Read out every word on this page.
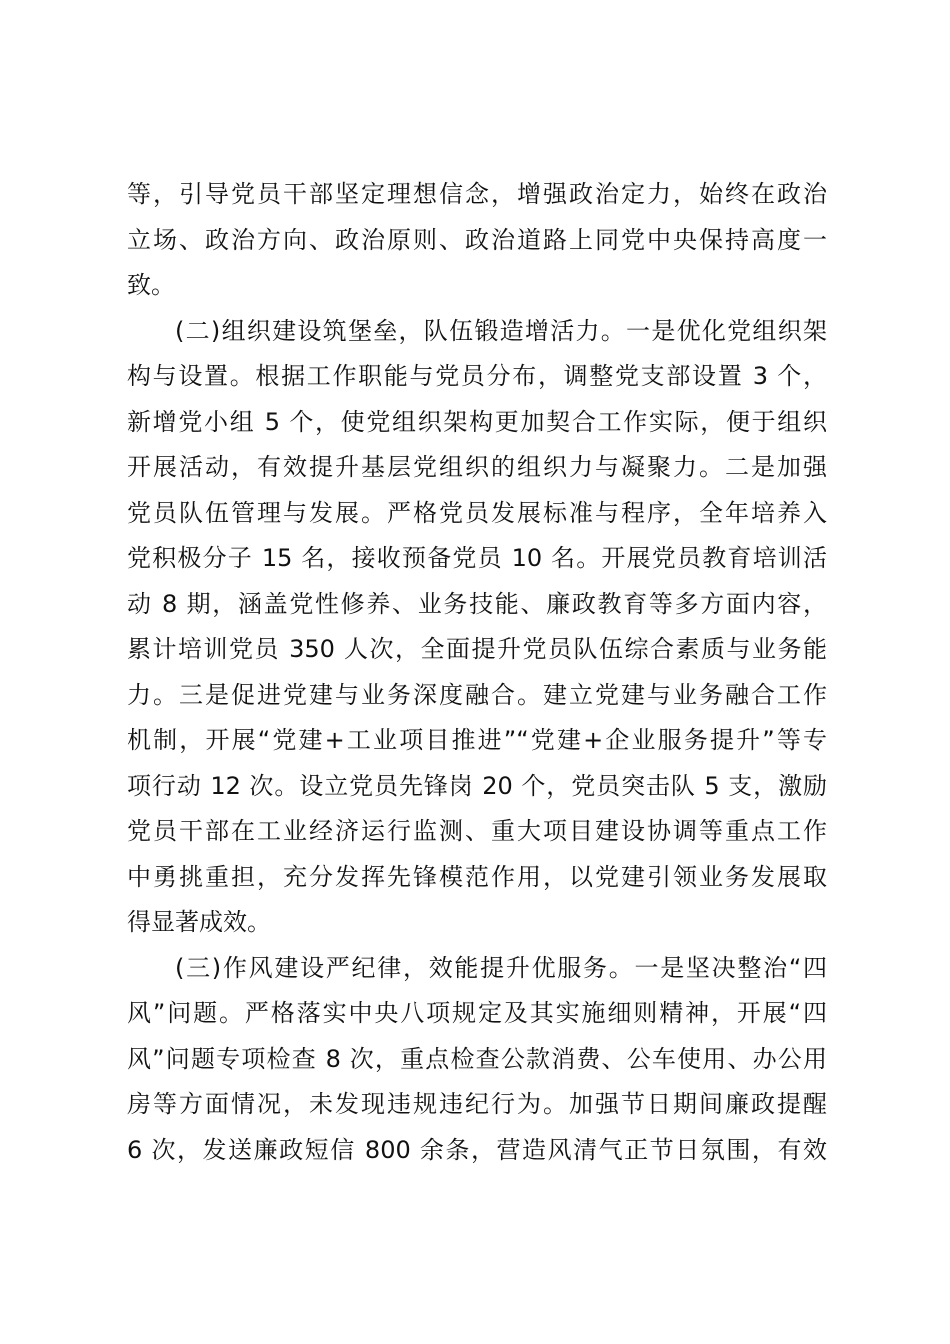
等，引导党员干部坚定理想信念，增强政治定力，始终在政治
立场、政治方向、政治原则、政治道路上同党中央保持高度一
致。
(二)组织建设筑堡垒，队伍锻造增活力。一是优化党组织架
构与设置。根据工作职能与党员分布，调整党支部设置 3 个，
新增党小组 5 个，使党组织架构更加契合工作实际，便于组织
开展活动，有效提升基层党组织的组织力与凝聚力。二是加强
党员队伍管理与发展。严格党员发展标准与程序，全年培养入
党积极分子 15 名，接收预备党员 10 名。开展党员教育培训活
动 8 期，涵盖党性修养、业务技能、廉政教育等多方面内容，
累计培训党员 350 人次，全面提升党员队伍综合素质与业务能
力。三是促进党建与业务深度融合。建立党建与业务融合工作
机制，开展“党建+工业项目推进”“党建+企业服务提升”等专
项行动 12 次。设立党员先锋岗 20 个，党员突击队 5 支，激励
党员干部在工业经济运行监测、重大项目建设协调等重点工作
中勇挑重担，充分发挥先锋模范作用，以党建引领业务发展取
得显著成效。
(三)作风建设严纪律，效能提升优服务。一是坚决整治“四
风”问题。严格落实中央八项规定及其实施细则精神，开展“四
风”问题专项检查 8 次，重点检查公款消费、公车使用、办公用
房等方面情况，未发现违规违纪行为。加强节日期间廉政提醒
6 次，发送廉政短信 800 余条，营造风清气正节日氛围，有效
